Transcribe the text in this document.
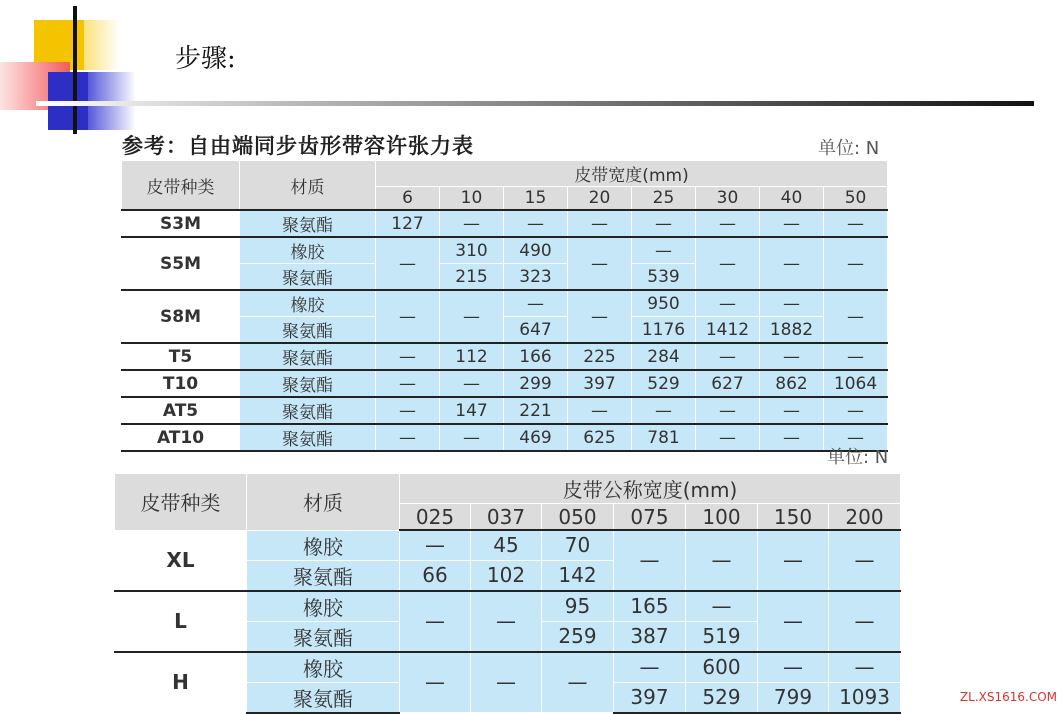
步骤:
参考：自由端同步齿形带容许张力表	单位: N
皮带种类	材质	皮带宽度(mm)							
		6	10	15	20	25	30	40	50
S3M	聚氨酯	127	—	—	—	—	—	—	—
S5M	橡胶	—	310	490	—	—	—	—	—
	聚氨酯		215	323		539			
S8M	橡胶	—	—	—	—	950	—	—	—
	聚氨酯			647		1176	1412	1882	
T5	聚氨酯	—	112	166	225	284	—	—	—
T10	聚氨酯	—	—	299	397	529	627	862	1064
AT5	聚氨酯	—	147	221	—	—	—	—	—
AT10	聚氨酯	—	—	469	625	781	—	—	—
单位: N
皮带种类	材质	皮带公称宽度(mm)						
		025	037	050	075	100	150	200
XL	橡胶	—	45	70	—	—	—	—
	聚氨酯	66	102	142				
L	橡胶	—	—	95	165	—	—	—
	聚氨酯			259	387	519		
H	橡胶	—	—	—	—	600	—	—
	聚氨酯				397	529	799	1093	ZL.XS1616.COM
